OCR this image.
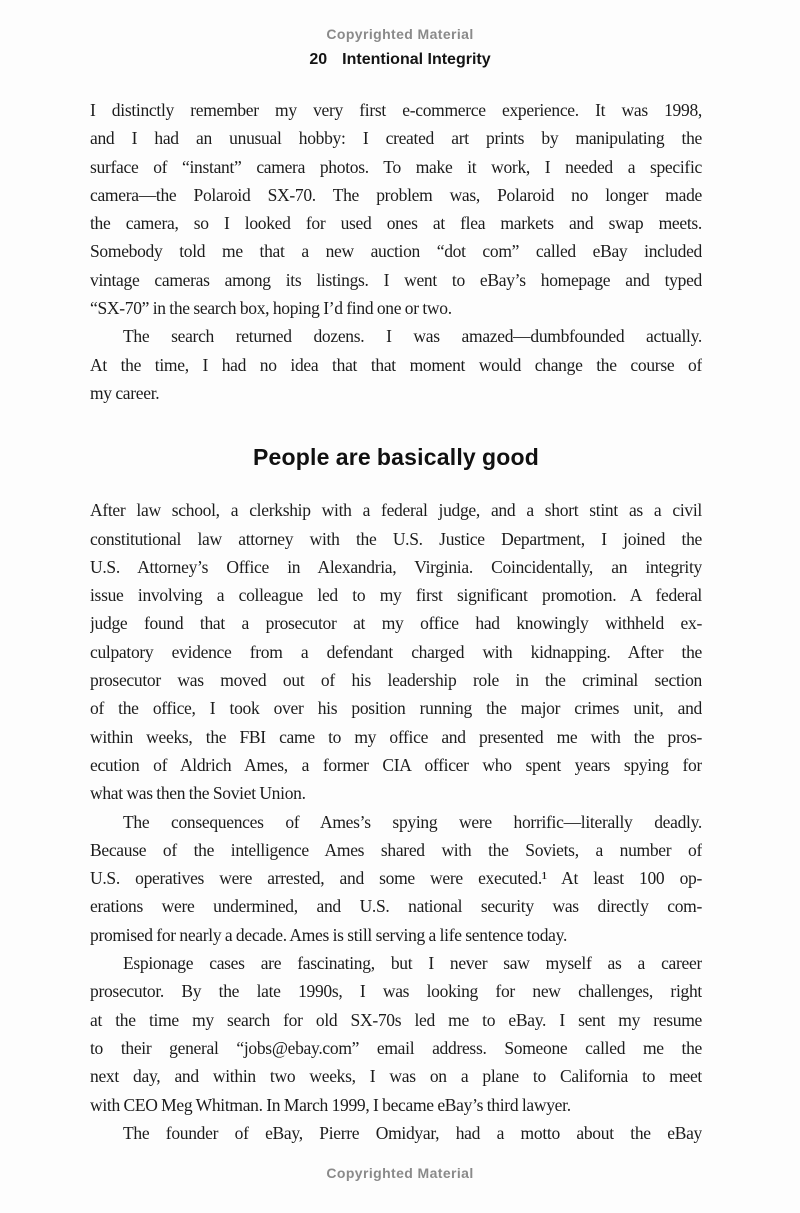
Copyrighted Material
20 Intentional Integrity
I distinctly remember my very first e-commerce experience. It was 1998,
and I had an unusual hobby: I created art prints by manipulating the
surface of “instant” camera photos. To make it work, I needed a specific
camera—the Polaroid SX-70. The problem was, Polaroid no longer made
the camera, so I looked for used ones at flea markets and swap meets.
Somebody told me that a new auction “dot com” called eBay included
vintage cameras among its listings. I went to eBay’s homepage and typed
“SX-70” in the search box, hoping I’d find one or two.
The search returned dozens. I was amazed—dumbfounded actually.
At the time, I had no idea that that moment would change the course of
my career.
People are basically good
After law school, a clerkship with a federal judge, and a short stint as a civil
constitutional law attorney with the U.S. Justice Department, I joined the
U.S. Attorney’s Office in Alexandria, Virginia. Coincidentally, an integrity
issue involving a colleague led to my first significant promotion. A federal
judge found that a prosecutor at my office had knowingly withheld ex-
culpatory evidence from a defendant charged with kidnapping. After the
prosecutor was moved out of his leadership role in the criminal section
of the office, I took over his position running the major crimes unit, and
within weeks, the FBI came to my office and presented me with the pros-
ecution of Aldrich Ames, a former CIA officer who spent years spying for
what was then the Soviet Union.
The consequences of Ames’s spying were horrific—literally deadly.
Because of the intelligence Ames shared with the Soviets, a number of
U.S. operatives were arrested, and some were executed.¹ At least 100 op-
erations were undermined, and U.S. national security was directly com-
promised for nearly a decade. Ames is still serving a life sentence today.
Espionage cases are fascinating, but I never saw myself as a career
prosecutor. By the late 1990s, I was looking for new challenges, right
at the time my search for old SX-70s led me to eBay. I sent my resume
to their general “jobs@ebay.com” email address. Someone called me the
next day, and within two weeks, I was on a plane to California to meet
with CEO Meg Whitman. In March 1999, I became eBay’s third lawyer.
The founder of eBay, Pierre Omidyar, had a motto about the eBay
Copyrighted Material
